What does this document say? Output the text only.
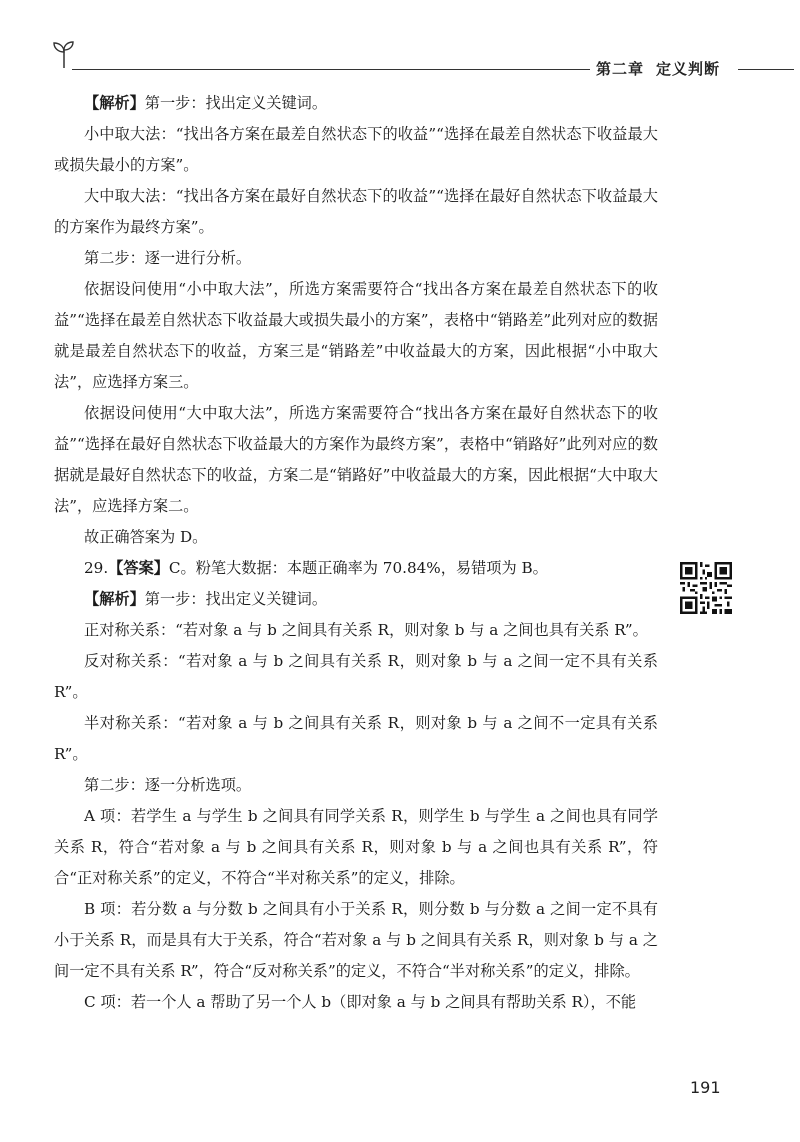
第二章 定义判断

【解析】第一步：找出定义关键词。

小中取大法：“找出各方案在最差自然状态下的收益”“选择在最差自然状态下收益最大或损失最小的方案”。

大中取大法：“找出各方案在最好自然状态下的收益”“选择在最好自然状态下收益最大的方案作为最终方案”。

第二步：逐一进行分析。

依据设问使用“小中取大法”，所选方案需要符合“找出各方案在最差自然状态下的收益”“选择在最差自然状态下收益最大或损失最小的方案”，表格中“销路差”此列对应的数据就是最差自然状态下的收益，方案三是“销路差”中收益最大的方案，因此根据“小中取大法”，应选择方案三。

依据设问使用“大中取大法”，所选方案需要符合“找出各方案在最好自然状态下的收益”“选择在最好自然状态下收益最大的方案作为最终方案”，表格中“销路好”此列对应的数据就是最好自然状态下的收益，方案二是“销路好”中收益最大的方案，因此根据“大中取大法”，应选择方案二。

故正确答案为 D。

29.【答案】C。粉笔大数据：本题正确率为 70.84%，易错项为 B。

【解析】第一步：找出定义关键词。

正对称关系：“若对象 a 与 b 之间具有关系 R，则对象 b 与 a 之间也具有关系 R”。

反对称关系：“若对象 a 与 b 之间具有关系 R，则对象 b 与 a 之间一定不具有关系 R”。

半对称关系：“若对象 a 与 b 之间具有关系 R，则对象 b 与 a 之间不一定具有关系 R”。

第二步：逐一分析选项。

A 项：若学生 a 与学生 b 之间具有同学关系 R，则学生 b 与学生 a 之间也具有同学关系 R，符合“若对象 a 与 b 之间具有关系 R，则对象 b 与 a 之间也具有关系 R”，符合“正对称关系”的定义，不符合“半对称关系”的定义，排除。

B 项：若分数 a 与分数 b 之间具有小于关系 R，则分数 b 与分数 a 之间一定不具有小于关系 R，而是具有大于关系，符合“若对象 a 与 b 之间具有关系 R，则对象 b 与 a 之间一定不具有关系 R”，符合“反对称关系”的定义，不符合“半对称关系”的定义，排除。

C 项：若一个人 a 帮助了另一个人 b（即对象 a 与 b 之间具有帮助关系 R），不能

191
